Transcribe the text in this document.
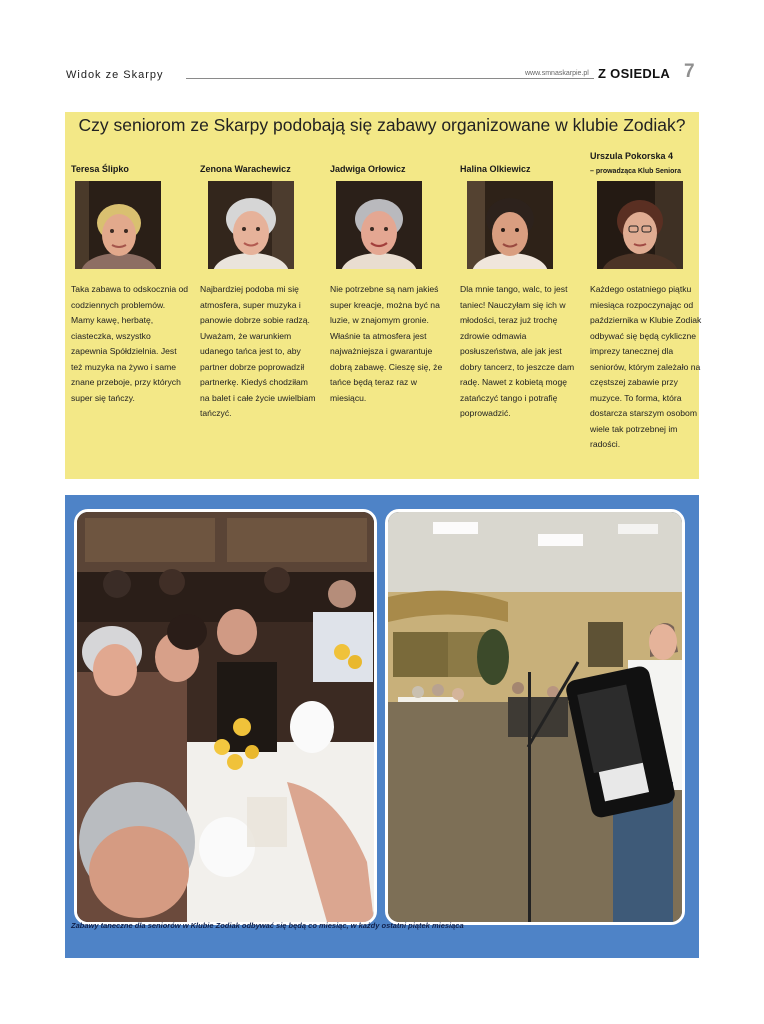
Widok ze Skarpy	www.smnaskarpie.pl Z OSIEDLA 7
Czy seniorom ze Skarpy podobają się zabawy organizowane w klubie Zodiak?
Teresa Ślipko

Taka zabawa to odskocznia od codziennych problemów. Mamy kawę, herbatę, ciasteczka, wszystko zapewnia Spółdzielnia. Jest też muzyka na żywo i same znane przeboje, przy których super się tańczy.

Zenona Warachewicz

Najbardziej podoba mi się atmosfera, super muzyka i panowie dobrze sobie radzą. Uważam, że warunkiem udanego tańca jest to, aby partner dobrze poprowadził partnerkę. Kiedyś chodziłam na balet i całe życie uwielbiam tańczyć.

Jadwiga Orłowicz

Nie potrzebne są nam jakieś super kreacje, można być na luzie, w znajomym gronie. Właśnie ta atmosfera jest najważniejsza i gwarantuje dobrą zabawę. Cieszę się, że tańce będą teraz raz w miesiącu.

Halina Olkiewicz

Dla mnie tango, walc, to jest taniec! Nauczyłam się ich w młodości, teraz już trochę zdrowie odmawia posłuszeństwa, ale jak jest dobry tancerz, to jeszcze dam radę. Nawet z kobietą mogę zatańczyć tango i potrafię poprowadzić.

Urszula Pokorska 4
– prowadząca Klub Seniora

Każdego ostatniego piątku miesiąca rozpoczynając od października w Klubie Zodiak odbywać się będą cykliczne imprezy tanecznej dla seniorów, którym zależało na częstszej zabawie przy muzyce. To forma, która dostarcza starszym osobom wiele tak potrzebnej im radości.

Zabawy taneczne dla seniorów w Klubie Zodiak odbywać się będą co miesiąc, w każdy ostatni piątek miesiąca
